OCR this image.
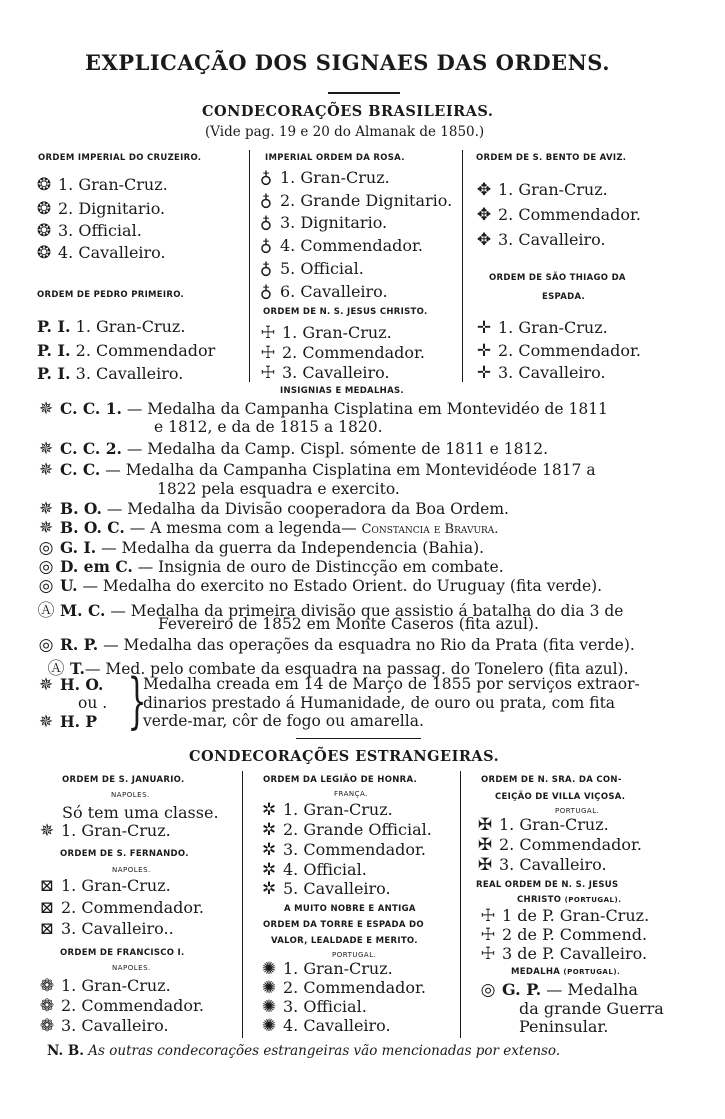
EXPLICAÇÃO DOS SIGNAES DAS ORDENS.
CONDECORAÇÕES BRASILEIRAS.
(Vide pag. 19 e 20 do Almanak de 1850.)
ORDEM IMPERIAL DO CRUZEIRO.
❂ 1. Gran-Cruz.
❂ 2. Dignitario.
❂ 3. Official.
❂ 4. Cavalleiro.
IMPERIAL ORDEM DA ROSA.
♁ 1. Gran-Cruz.
♁ 2. Grande Dignitario.
♁ 3. Dignitario.
♁ 4. Commendador.
♁ 5. Official.
♁ 6. Cavalleiro.
ORDEM DE S. BENTO DE AVIZ.
✥ 1. Gran-Cruz.
✥ 2. Commendador.
✥ 3. Cavalleiro.
ORDEM DE PEDRO PRIMEIRO.
P. I. 1. Gran-Cruz.
P. I. 2. Commendador
P. I. 3. Cavalleiro.
ORDEM DE N. S. JESUS CHRISTO.
☩ 1. Gran-Cruz.
☩ 2. Commendador.
☩ 3. Cavalleiro.
ORDEM DE SÃO THIAGO DA
ESPADA.
✛ 1. Gran-Cruz.
✛ 2. Commendador.
✛ 3. Cavalleiro.
INSIGNIAS E MEDALHAS.
✵ C. C. 1. — Medalha da Campanha Cisplatina em Montevidéo de 1811
e 1812, e da de 1815 a 1820.
✵ C. C. 2. — Medalha da Camp. Cispl. sómente de 1811 e 1812.
✵ C. C. — Medalha da Campanha Cisplatina em Montevidéode 1817 a
1822 pela esquadra e exercito.
✵ B. O. — Medalha da Divisão cooperadora da Boa Ordem.
✵ B. O. C. — A mesma com a legenda— Constancia e Bravura.
◎ G. I. — Medalha da guerra da Independencia (Bahia).
◎ D. em C. — Insignia de ouro de Distincção em combate.
◎ U. — Medalha do exercito no Estado Orient. do Uruguay (fita verde).
Ⓐ M. C. — Medalha da primeira divisão que assistio á batalha do dia 3 de
Fevereiro de 1852 em Monte Caseros (fita azul).
◎ R. P. — Medalha das operações da esquadra no Rio da Prata (fita verde).
Ⓐ T.— Med. pelo combate da esquadra na passag. do Tonelero (fita azul).
✵ H. O.
ou .
✵ H. P }
Medalha creada em 14 de Março de 1855 por serviços extraor-
dinarios prestado á Humanidade, de ouro ou prata, com fita
verde-mar, côr de fogo ou amarella.
CONDECORAÇÕES ESTRANGEIRAS.
ORDEM DE S. JANUARIO.
NAPOLES.
Só tem uma classe.
✵ 1. Gran-Cruz.
ORDEM DE S. FERNANDO.
NAPOLES.
⊠ 1. Gran-Cruz.
⊠ 2. Commendador.
⊠ 3. Cavalleiro..
ORDEM DE FRANCISCO I.
NAPOLES.
❁ 1. Gran-Cruz.
❁ 2. Commendador.
❁ 3. Cavalleiro.
ORDEM DA LEGIÃO DE HONRA.
FRANÇA.
✲ 1. Gran-Cruz.
✲ 2. Grande Official.
✲ 3. Commendador.
✲ 4. Official.
✲ 5. Cavalleiro.
A MUITO NOBRE E ANTIGA
ORDEM DA TORRE E ESPADA DO
VALOR, LEALDADE E MERITO.
PORTUGAL.
✺ 1. Gran-Cruz.
✺ 2. Commendador.
✺ 3. Official.
✺ 4. Cavalleiro.
ORDEM DE N. SRA. DA CON-
CEIÇÃO DE VILLA VIÇOSA.
PORTUGAL.
✠ 1. Gran-Cruz.
✠ 2. Commendador.
✠ 3. Cavalleiro.
REAL ORDEM DE N. S. JESUS
CHRISTO (PORTUGAL).
☩ 1 de P. Gran-Cruz.
☩ 2 de P. Commend.
☩ 3 de P. Cavalleiro.
MEDALHA (PORTUGAL).
◎ G. P. — Medalha
da grande Guerra
Peninsular.
N. B. As outras condecorações estrangeiras vão mencionadas por extenso.
